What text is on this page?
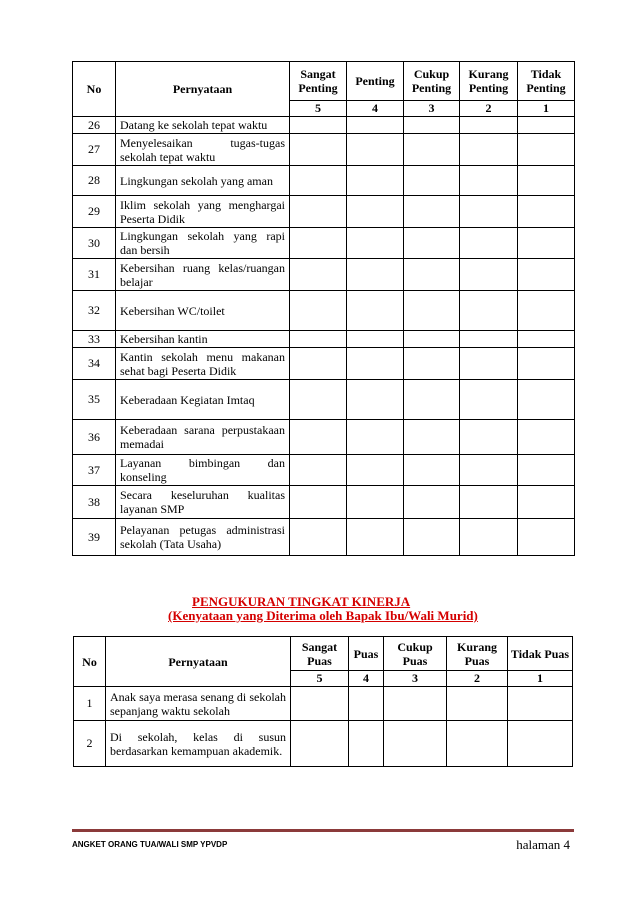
No	Pernyataan	Sangat Penting	Penting	Cukup Penting	Kurang Penting	Tidak Penting
		5	4	3	2	1
26	Datang ke sekolah tepat waktu					
27	Menyelesaikan tugas-tugas sekolah tepat waktu					
28	Lingkungan sekolah yang aman					
29	Iklim sekolah yang menghargai Peserta Didik					
30	Lingkungan sekolah yang rapi dan bersih					
31	Kebersihan ruang kelas/ruangan belajar					
32	Kebersihan WC/toilet					
33	Kebersihan kantin					
34	Kantin sekolah menu makanan sehat bagi Peserta Didik					
35	Keberadaan Kegiatan Imtaq					
36	Keberadaan sarana perpustakaan memadai					
37	Layanan bimbingan dan konseling					
38	Secara keseluruhan kualitas layanan SMP					
39	Pelayanan petugas administrasi sekolah (Tata Usaha)					
PENGUKURAN TINGKAT KINERJA
(Kenyataan yang Diterima oleh Bapak Ibu/Wali Murid)
No	Pernyataan	Sangat Puas	Puas	Cukup Puas	Kurang Puas	Tidak Puas
		5	4	3	2	1
1	Anak saya merasa senang di sekolah sepanjang waktu sekolah					
2	Di sekolah, kelas di susun berdasarkan kemampuan akademik.					
ANGKET ORANG TUA/WALI SMP YPVDP	halaman 4
